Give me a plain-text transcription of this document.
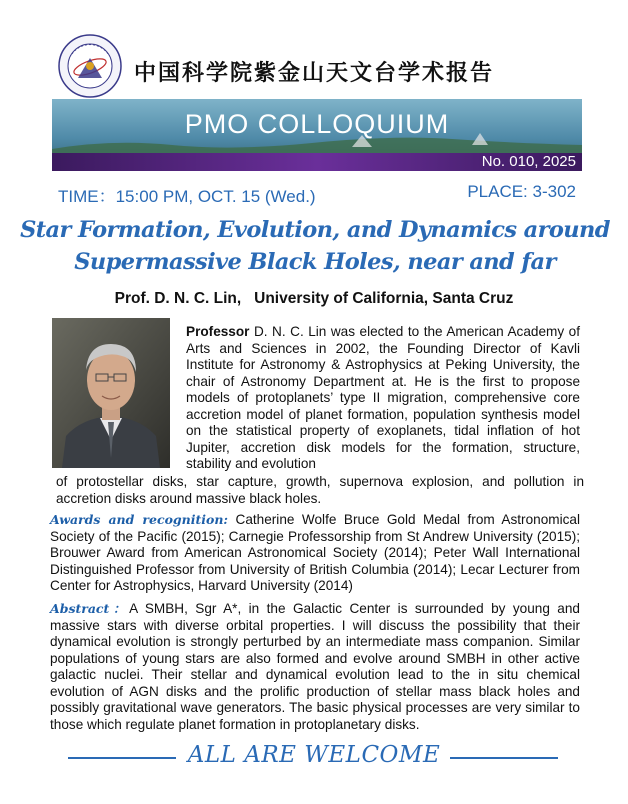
中国科学院紫金山天文台学术报告
PMO COLLOQUIUM
No. 010, 2025
TIME：15:00 PM, OCT. 15 (Wed.)	PLACE: 3-302
Star Formation, Evolution, and Dynamics around
Supermassive Black Holes, near and far
Prof. D. N. C. Lin,   University of California, Santa Cruz
Professor D. N. C. Lin was elected to the American Academy of Arts and Sciences in 2002, the Founding Director of Kavli Institute for Astronomy & Astrophysics at Peking University, the chair of Astronomy Department at. He is the first to propose models of protoplanets’ type II migration, comprehensive core accretion model of planet formation, population synthesis model on the statistical property of exoplanets, tidal inflation of hot Jupiter, accretion disk models for the formation, structure, stability and evolution
of protostellar disks, star capture, growth, supernova explosion, and pollution in accretion disks around massive black holes.
Awards and recognition: Catherine Wolfe Bruce Gold Medal from Astronomical Society of the Pacific (2015); Carnegie Professorship from St Andrew University (2015); Brouwer Award from American Astronomical Society (2014); Peter Wall International Distinguished Professor from University of British Columbia (2014); Lecar Lecturer from Center for Astrophysics, Harvard University (2014)
Abstract：A SMBH, Sgr A*, in the Galactic Center is surrounded by young and massive stars with diverse orbital properties. I will discuss the possibility that their dynamical evolution is strongly perturbed by an intermediate mass companion. Similar populations of young stars are also formed and evolve around SMBH in other active galactic nuclei. Their stellar and dynamical evolution lead to the in situ chemical evolution of AGN disks and the prolific production of stellar mass black holes and possibly gravitational wave generators. The basic physical processes are very similar to those which regulate planet formation in protoplanetary disks.
ALL ARE WELCOME
